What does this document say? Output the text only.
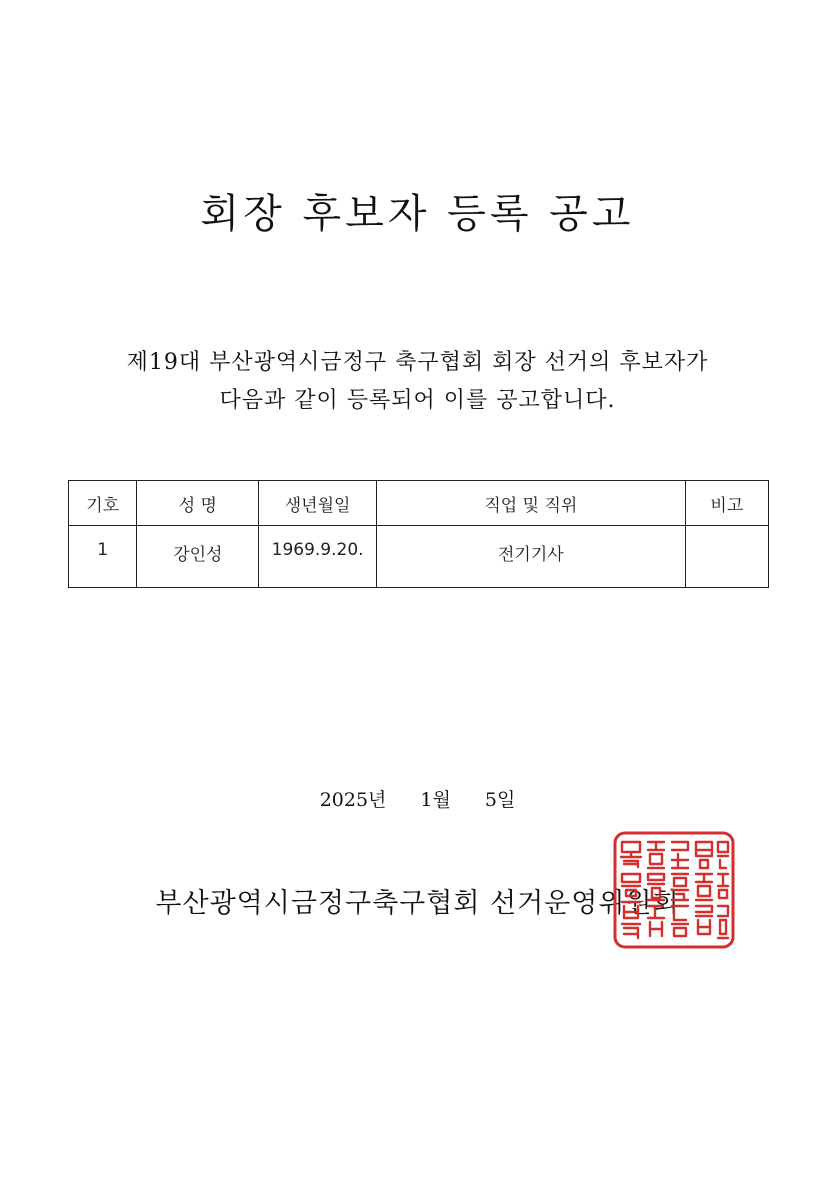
회장 후보자 등록 공고

제19대 부산광역시금정구 축구협회 회장 선거의 후보자가

다음과 같이 등록되어 이를 공고합니다.

기호	성 명	생년월일	직업 및 직위	비고
1	강인성	1969.9.20.	전기기사	
2025년 1월 5일
부산광역시금정구축구협회 선거운영위원회
